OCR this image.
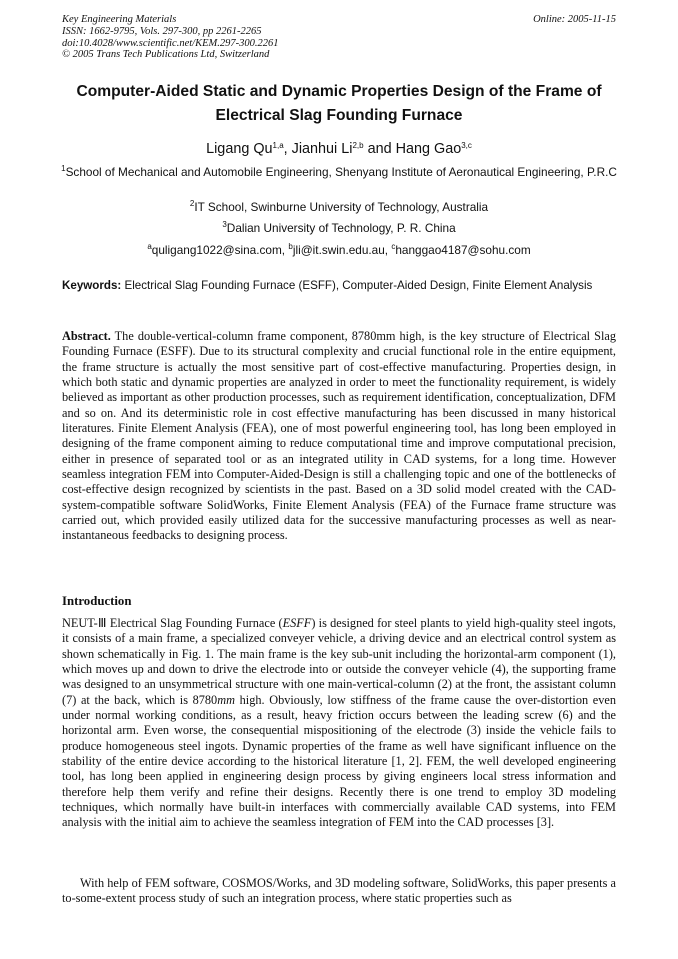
Key Engineering Materials
ISSN: 1662-9795, Vols. 297-300, pp 2261-2265
doi:10.4028/www.scientific.net/KEM.297-300.2261
© 2005 Trans Tech Publications Ltd, Switzerland
Online: 2005-11-15
Computer-Aided Static and Dynamic Properties Design of the Frame of Electrical Slag Founding Furnace
Ligang Qu$^{1,a}$, Jianhui Li$^{2,b}$ and Hang Gao$^{3,c}$
$^1$School of Mechanical and Automobile Engineering, Shenyang Institute of Aeronautical Engineering, P.R.C
$^2$IT School, Swinburne University of Technology, Australia
$^3$Dalian University of Technology, P. R. China
$^a$quligang1022@sina.com, $^b$jli@it.swin.edu.au, $^c$hanggao4187@sohu.com
Keywords: Electrical Slag Founding Furnace (ESFF), Computer-Aided Design, Finite Element Analysis
Abstract. The double-vertical-column frame component, 8780mm high, is the key structure of Electrical Slag Founding Furnace (ESFF). Due to its structural complexity and crucial functional role in the entire equipment, the frame structure is actually the most sensitive part of cost-effective manufacturing. Properties design, in which both static and dynamic properties are analyzed in order to meet the functionality requirement, is widely believed as important as other production processes, such as requirement identification, conceptualization, DFM and so on. And its deterministic role in cost effective manufacturing has been discussed in many historical literatures. Finite Element Analysis (FEA), one of most powerful engineering tool, has long been employed in designing of the frame component aiming to reduce computational time and improve computational precision, either in presence of separated tool or as an integrated utility in CAD systems, for a long time. However seamless integration FEM into Computer-Aided-Design is still a challenging topic and one of the bottlenecks of cost-effective design recognized by scientists in the past. Based on a 3D solid model created with the CAD-system-compatible software SolidWorks, Finite Element Analysis (FEA) of the Furnace frame structure was carried out, which provided easily utilized data for the successive manufacturing processes as well as near-instantaneous feedbacks to designing process.
Introduction
NEUT-Ⅲ Electrical Slag Founding Furnace (ESFF) is designed for steel plants to yield high-quality steel ingots, it consists of a main frame, a specialized conveyer vehicle, a driving device and an electrical control system as shown schematically in Fig. 1. The main frame is the key sub-unit including the horizontal-arm component (1), which moves up and down to drive the electrode into or outside the conveyer vehicle (4), the supporting frame was designed to an unsymmetrical structure with one main-vertical-column (2) at the front, the assistant column (7) at the back, which is 8780mm high. Obviously, low stiffness of the frame cause the over-distortion even under normal working conditions, as a result, heavy friction occurs between the leading screw (6) and the horizontal arm. Even worse, the consequential mispositioning of the electrode (3) inside the vehicle fails to produce homogeneous steel ingots. Dynamic properties of the frame as well have significant influence on the stability of the entire device according to the historical literature [1, 2]. FEM, the well developed engineering tool, has long been applied in engineering design process by giving engineers local stress information and therefore help them verify and refine their designs. Recently there is one trend to employ 3D modeling techniques, which normally have built-in interfaces with commercially available CAD systems, into FEM analysis with the initial aim to achieve the seamless integration of FEM into the CAD processes [3].
With help of FEM software, COSMOS/Works, and 3D modeling software, SolidWorks, this paper presents a to-some-extent process study of such an integration process, where static properties such as
